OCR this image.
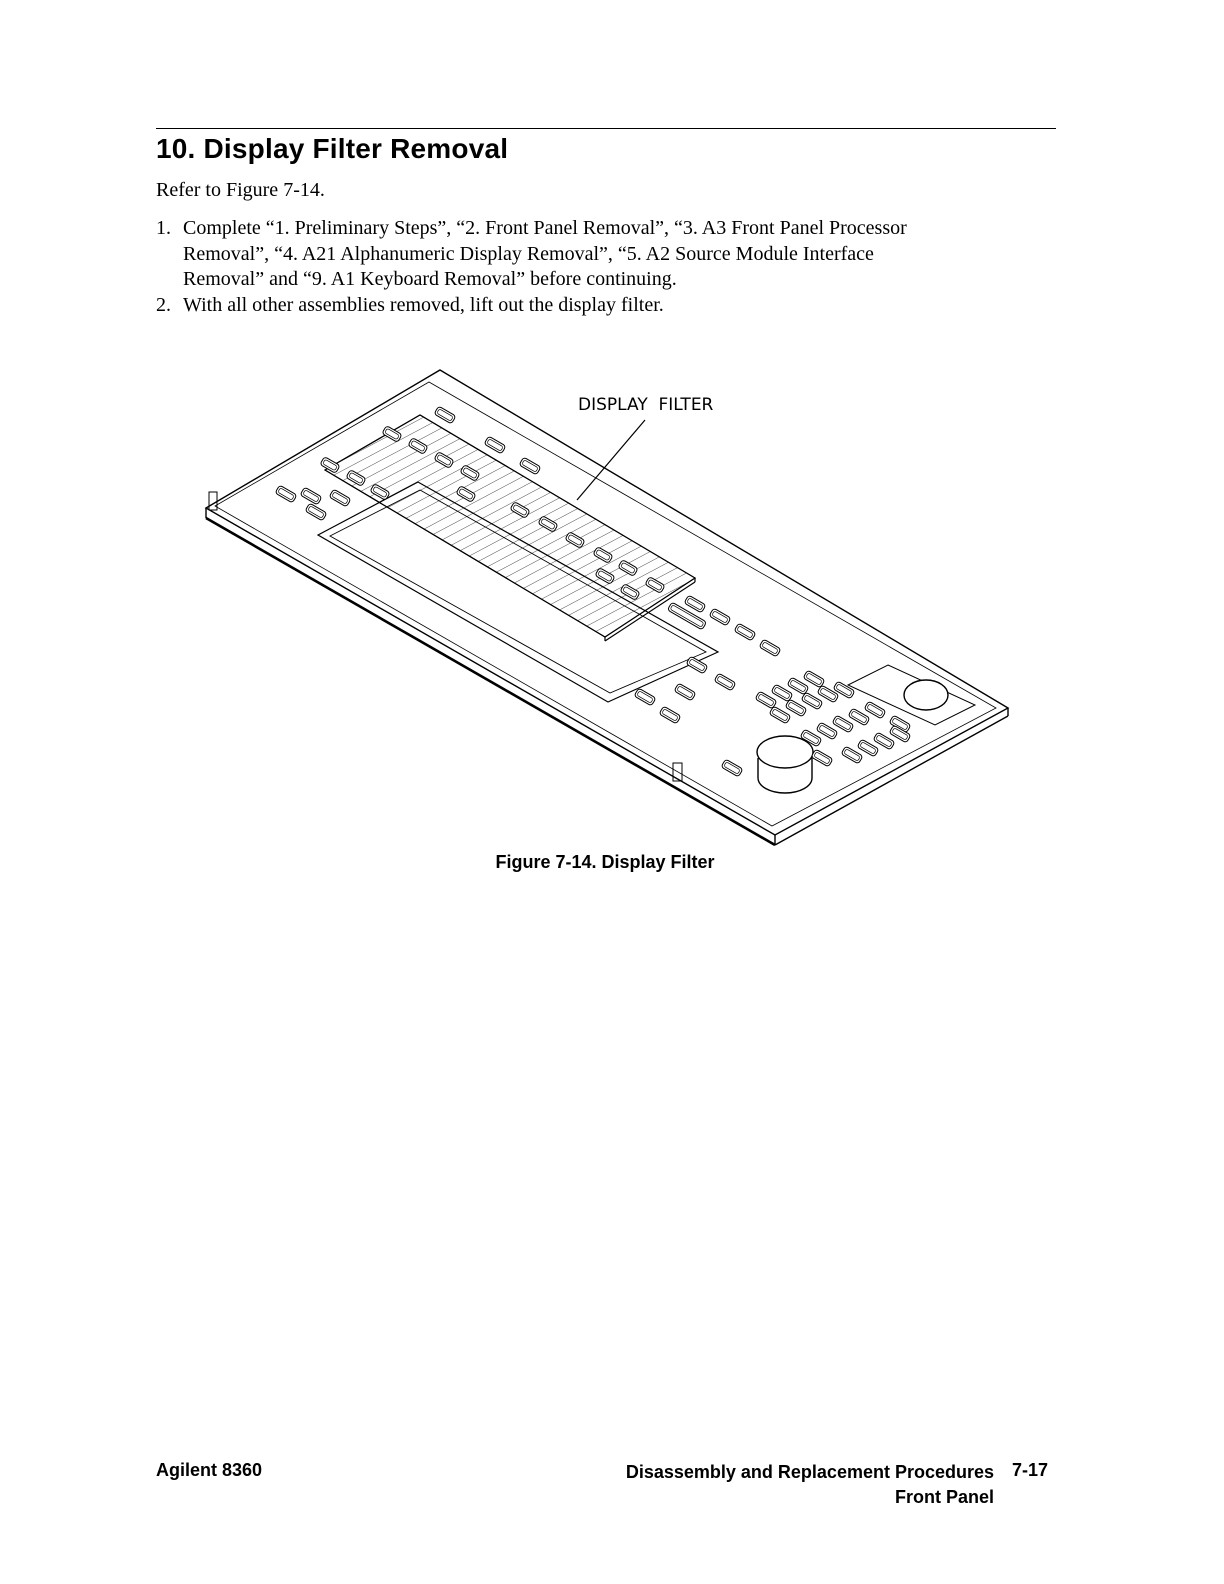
10. Display Filter Removal
Refer to Figure 7-14.
1. Complete “1. Preliminary Steps”, “2. Front Panel Removal”, “3. A3 Front Panel Processor
Removal”, “4. A21 Alphanumeric Display Removal”, “5. A2 Source Module Interface
Removal” and “9. A1 Keyboard Removal” before continuing.
2. With all other assemblies removed, lift out the display filter.
DISPLAY  FILTER
Figure 7-14. Display Filter
Agilent 8360	Disassembly and Replacement Procedures
Front Panel
7-17
